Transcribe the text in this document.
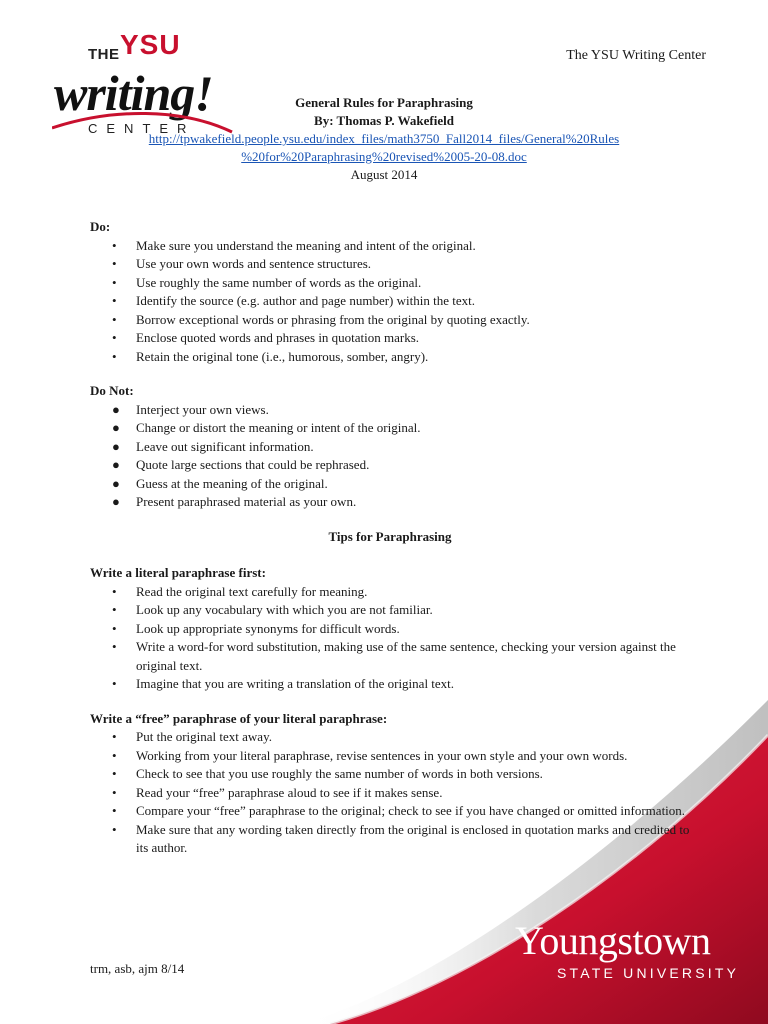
THE YSU
writing!
CENTER
The YSU Writing Center
General Rules for Paraphrasing
By: Thomas P. Wakefield
http://tpwakefield.people.ysu.edu/index_files/math3750_Fall2014_files/General%20Rules
%20for%20Paraphrasing%20revised%2005-20-08.doc
August 2014

Do:

• Make sure you understand the meaning and intent of the original.
• Use your own words and sentence structures.
• Use roughly the same number of words as the original.
• Identify the source (e.g. author and page number) within the text.
• Borrow exceptional words or phrasing from the original by quoting exactly.
• Enclose quoted words and phrases in quotation marks.
• Retain the original tone (i.e., humorous, somber, angry).

Do Not:

● Interject your own views.
● Change or distort the meaning or intent of the original.
● Leave out significant information.
● Quote large sections that could be rephrased.
● Guess at the meaning of the original.
● Present paraphrased material as your own.
Tips for Paraphrasing

Write a literal paraphrase first:

• Read the original text carefully for meaning.
• Look up any vocabulary with which you are not familiar.
• Look up appropriate synonyms for difficult words.
• Write a word-for word substitution, making use of the same sentence, checking your version against the original text.
• Imagine that you are writing a translation of the original text.

Write a “free” paraphrase of your literal paraphrase:

• Put the original text away.
• Working from your literal paraphrase, revise sentences in your own style and your own words.
• Check to see that you use roughly the same number of words in both versions.
• Read your “free” paraphrase aloud to see if it makes sense.
• Compare your “free” paraphrase to the original; check to see if you have changed or omitted information.
• Make sure that any wording taken directly from the original is enclosed in quotation marks and credited to its author.
trm, asb, ajm 8/14
Youngstown
STATE UNIVERSITY
